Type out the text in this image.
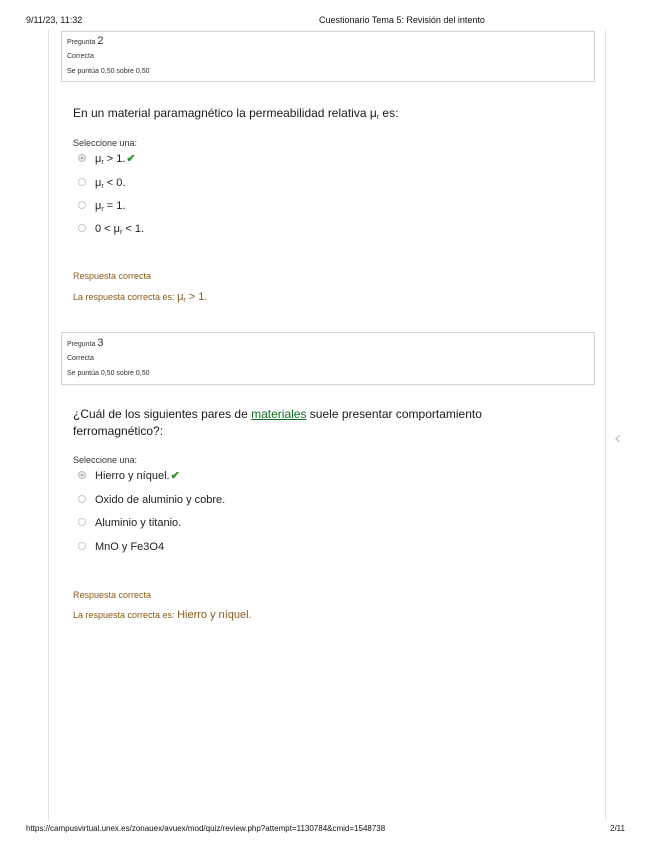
9/11/23, 11:32	Cuestionario Tema 5: Revisión del intento
Pregunta 2
Correcta
Se puntúa 0,50 sobre 0,50
En un material paramagnético la permeabilidad relativa $\mu_r$ es:
Seleccione una:
$\mu_r$ > 1.✔
$\mu_r < 0$.
$\mu_r = 1$.
$0 < \mu_r < 1$.
Respuesta correcta
La respuesta correcta es: $\mu_r > 1$.
Pregunta 3
Correcta
Se puntúa 0,50 sobre 0,50
¿Cuál de los siguientes pares de materiales suele presentar comportamiento
ferromagnético?:
Seleccione una:
Hierro y níquel.✔
Oxido de aluminio y cobre.
Aluminio y titanio.
MnO y Fe3O4
Respuesta correcta
La respuesta correcta es: Hierro y níquel.
‹
https://campusvirtual.unex.es/zonauex/avuex/mod/quiz/review.php?attempt=1130784&cmid=1548738	2/11
